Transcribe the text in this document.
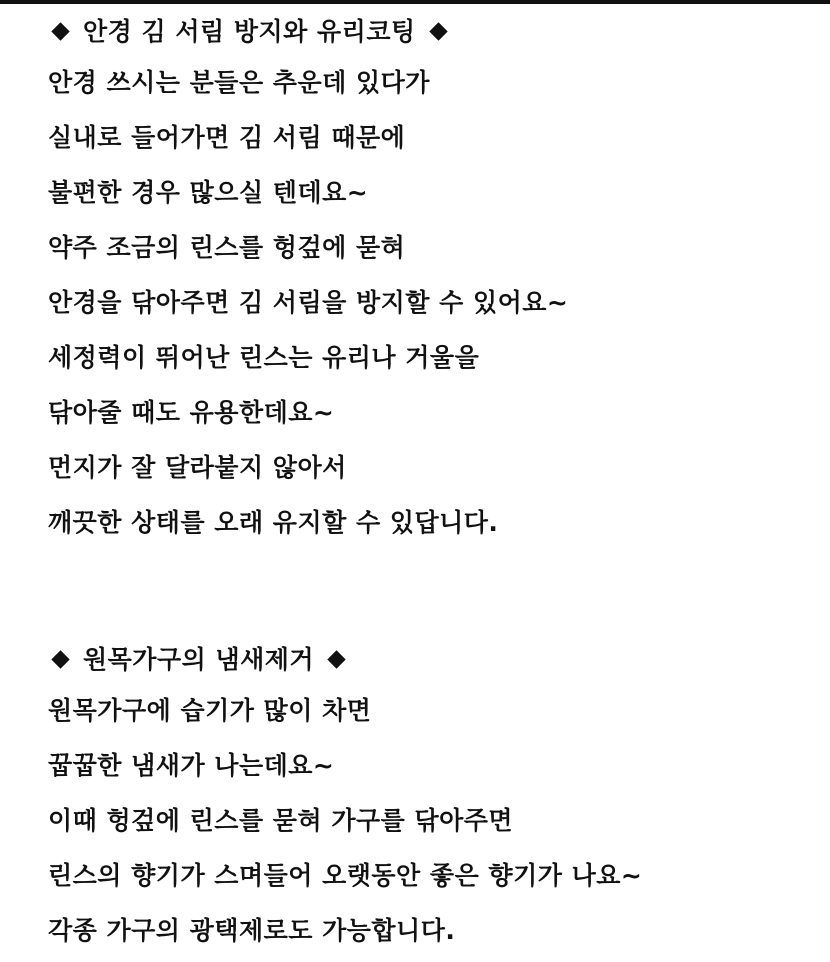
안경 김 서림 방지와 유리코팅
안경 쓰시는 분들은 추운데 있다가
실내로 들어가면 김 서림 때문에
불편한 경우 많으실 텐데요~
약주 조금의 린스를 헝겊에 묻혀
안경을 닦아주면 김 서림을 방지할 수 있어요~
세정력이 뛰어난 린스는 유리나 거울을
닦아줄 때도 유용한데요~
먼지가 잘 달라붙지 않아서
깨끗한 상태를 오래 유지할 수 있답니다.
원목가구의 냄새제거
원목가구에 습기가 많이 차면
꿉꿉한 냄새가 나는데요~
이때 헝겊에 린스를 묻혀 가구를 닦아주면
린스의 향기가 스며들어 오랫동안 좋은 향기가 나요~
각종 가구의 광택제로도 가능합니다.
